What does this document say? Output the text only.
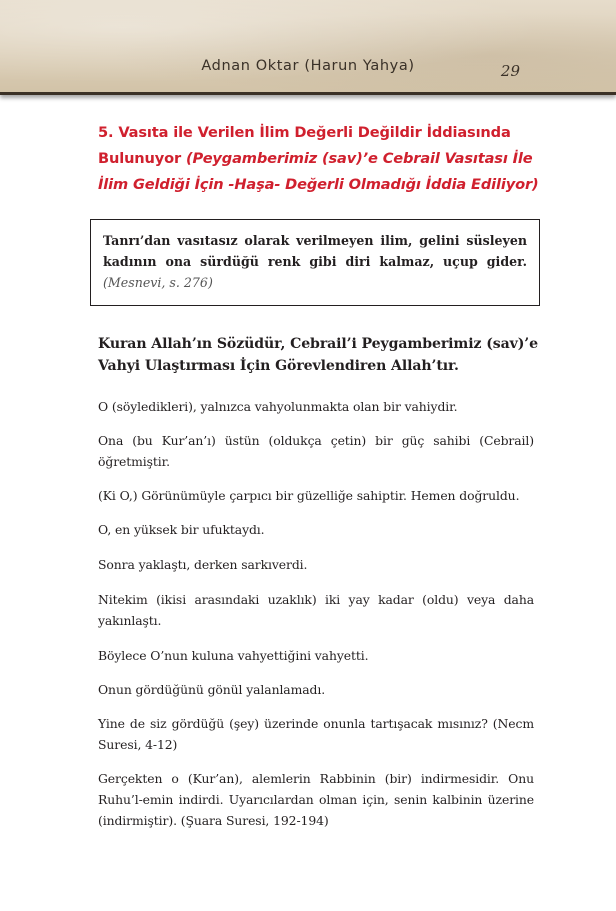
Adnan Oktar (Harun Yahya)	29
5. Vasıta ile Verilen İlim Değerli Değildir İddiasında Bulunuyor (Peygamberimiz (sav)’e Cebrail Vasıtası İle İlim Geldiği İçin -Haşa- Değerli Olmadığı İddia Ediliyor)
Tanrı’dan vasıtasız olarak verilmeyen ilim, gelini süsleyen kadının ona sürdüğü renk gibi diri kalmaz, uçup gider. (Mesnevi, s. 276)
Kuran Allah’ın Sözüdür, Cebrail’i Peygamberimiz (sav)’e Vahyi Ulaştırması İçin Görevlendiren Allah’tır.
O (söyledikleri), yalnızca vahyolunmakta olan bir vahiydir.
Ona (bu Kur’an’ı) üstün (oldukça çetin) bir güç sahibi (Cebrail) öğretmiştir.
(Ki O,) Görünümüyle çarpıcı bir güzelliğe sahiptir. Hemen doğruldu.
O, en yüksek bir ufuktaydı.
Sonra yaklaştı, derken sarkıverdi.
Nitekim (ikisi arasındaki uzaklık) iki yay kadar (oldu) veya daha yakınlaştı.
Böylece O’nun kuluna vahyettiğini vahyetti.
Onun gördüğünü gönül yalanlamadı.
Yine de siz gördüğü (şey) üzerinde onunla tartışacak mısınız? (Necm Suresi, 4-12)
Gerçekten o (Kur’an), alemlerin Rabbinin (bir) indirmesidir. Onu Ruhu’l-emin indirdi. Uyarıcılardan olman için, senin kalbinin üzerine (indirmiştir). (Şuara Suresi, 192-194)
